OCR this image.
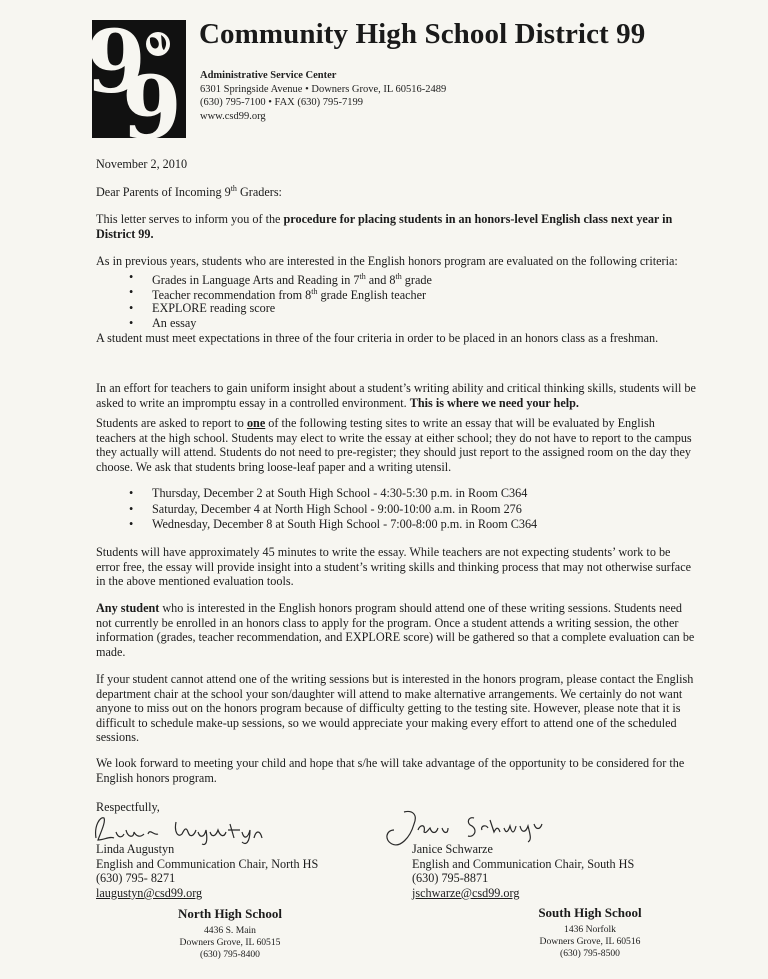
9
9
Community High School District 99
Administrative Service Center
6301 Springside Avenue • Downers Grove, IL 60516-2489
(630) 795-7100 • FAX (630) 795-7199
www.csd99.org
November 2, 2010
Dear Parents of Incoming 9th Graders:
This letter serves to inform you of the procedure for placing students in an honors-level English class next year in District 99.

As in previous years, students who are interested in the English honors program are evaluated on the following criteria:

• Grades in Language Arts and Reading in 7th and 8th grade
• Teacher recommendation from 8th grade English teacher
• EXPLORE reading score
• An essay

A student must meet expectations in three of the four criteria in order to be placed in an honors class as a freshman.

In an effort for teachers to gain uniform insight about a student’s writing ability and critical thinking skills, students will be asked to write an impromptu essay in a controlled environment. This is where we need your help.
Students are asked to report to one of the following testing sites to write an essay that will be evaluated by English teachers at the high school. Students may elect to write the essay at either school; they do not have to report to the campus they actually will attend. Students do not need to pre-register; they should just report to the assigned room on the day they choose. We ask that students bring loose-leaf paper and a writing utensil.
• Thursday, December 2 at South High School - 4:30-5:30 p.m. in Room C364
• Saturday, December 4 at North High School - 9:00-10:00 a.m. in Room 276
• Wednesday, December 8 at South High School - 7:00-8:00 p.m. in Room C364
Students will have approximately 45 minutes to write the essay. While teachers are not expecting students’ work to be error free, the essay will provide insight into a student’s writing skills and thinking process that may not otherwise surface in the above mentioned evaluation tools.
Any student who is interested in the English honors program should attend one of these writing sessions. Students need not currently be enrolled in an honors class to apply for the program. Once a student attends a writing session, the other information (grades, teacher recommendation, and EXPLORE score) will be gathered so that a complete evaluation can be made.
If your student cannot attend one of the writing sessions but is interested in the honors program, please contact the English department chair at the school your son/daughter will attend to make alternative arrangements. We certainly do not want anyone to miss out on the honors program because of difficulty getting to the testing site. However, please note that it is difficult to schedule make-up sessions, so we would appreciate your making every effort to attend one of the scheduled sessions.
We look forward to meeting your child and hope that s/he will take advantage of the opportunity to be considered for the English honors program.
Respectfully,
Linda Augustyn
English and Communication Chair, North HS
(630) 795- 8271
laugustyn@csd99.org
Janice Schwarze
English and Communication Chair, South HS
(630) 795-8871
jschwarze@csd99.org
North High School
4436 S. Main
Downers Grove, IL 60515
(630) 795-8400
South High School
1436 Norfolk
Downers Grove, IL 60516
(630) 795-8500
